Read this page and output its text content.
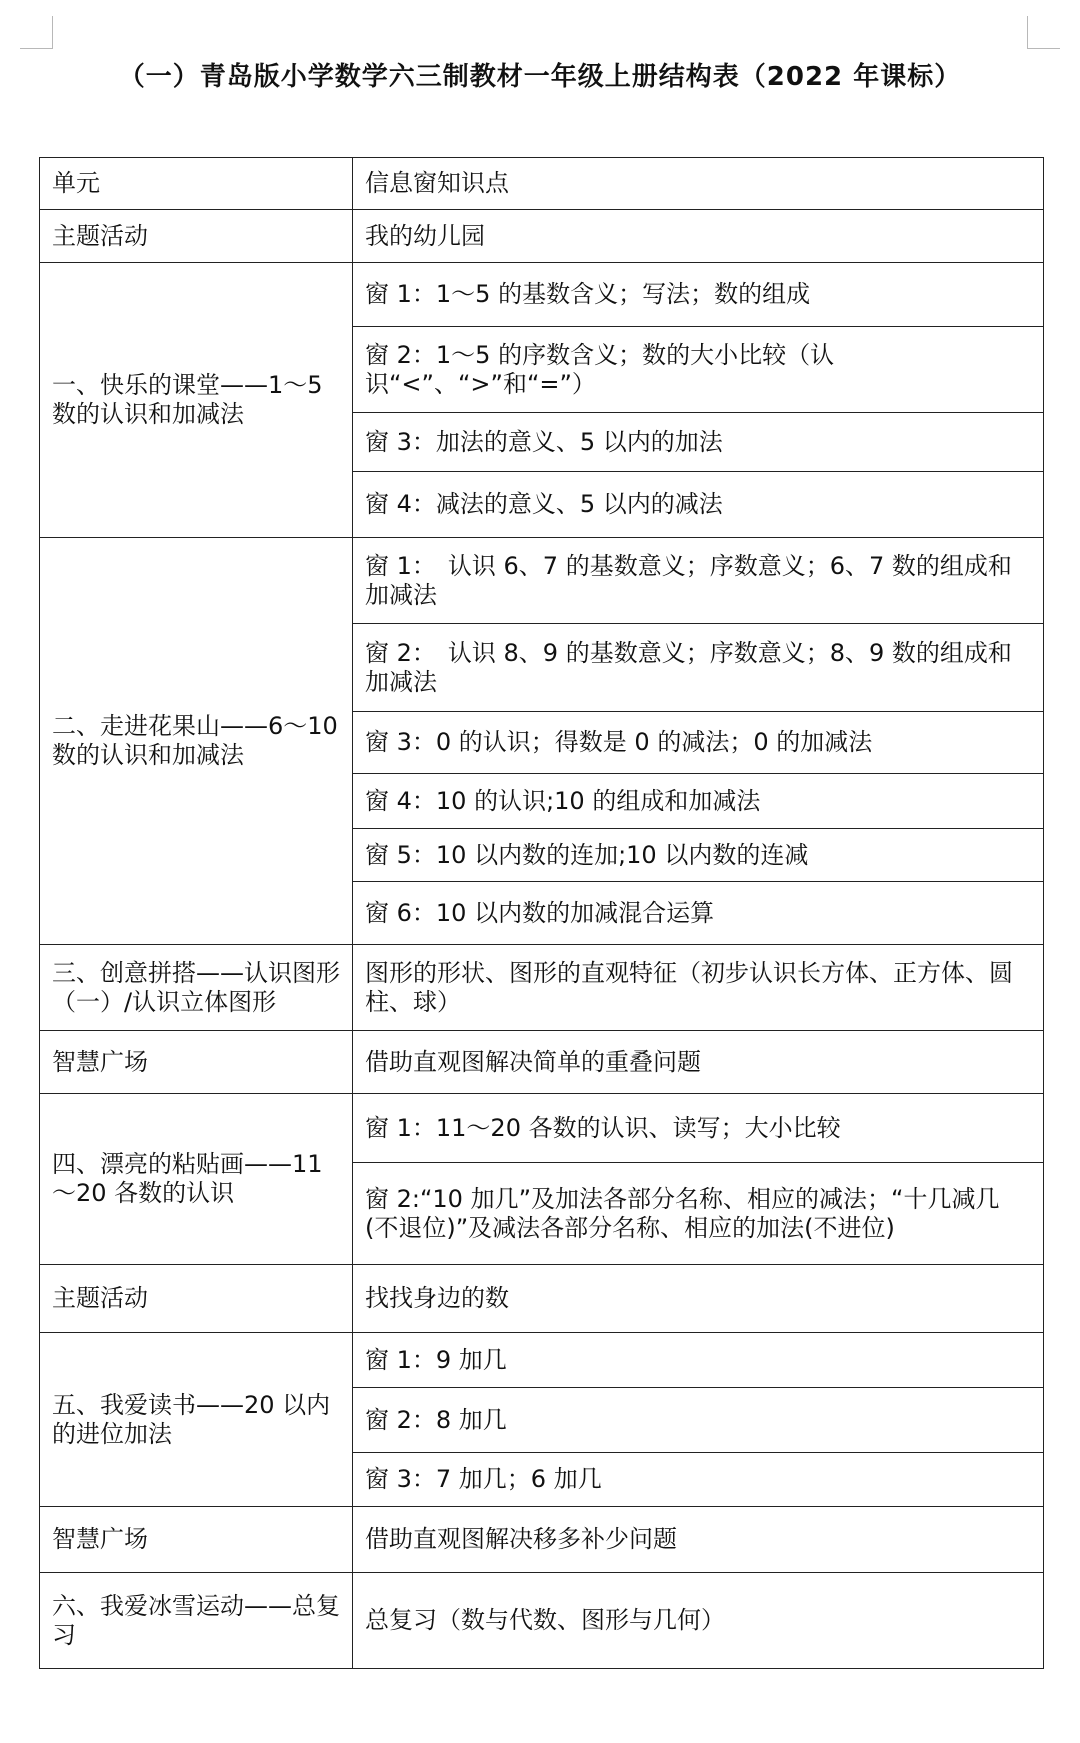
（一）青岛版小学数学六三制教材一年级上册结构表（2022 年课标）
单元	信息窗知识点
主题活动	我的幼儿园
一、快乐的课堂——1～5数的认识和加减法	窗 1：1～5 的基数含义；写法；数的组成
	窗 2：1～5 的序数含义；数的大小比较（认识“<”、“>”和“=”）
	窗 3：加法的意义、5 以内的加法
	窗 4：减法的意义、5 以内的减法
二、走进花果山——6～10 数的认识和加减法	窗 1：　认识 6、7 的基数意义；序数意义；6、7 数的组成和加减法
	窗 2：　认识 8、9 的基数意义；序数意义；8、9 数的组成和加减法
	窗 3：0 的认识；得数是 0 的减法；0 的加减法
	窗 4：10 的认识;10 的组成和加减法
	窗 5：10 以内数的连加;10 以内数的连减
	窗 6：10 以内数的加减混合运算
三、创意拼搭——认识图形（一）/认识立体图形	图形的形状、图形的直观特征（初步认识长方体、正方体、圆柱、球）
智慧广场	借助直观图解决简单的重叠问题
四、漂亮的粘贴画——11～20 各数的认识	窗 1：11～20 各数的认识、读写；大小比较
	窗 2:“10 加几”及加法各部分名称、相应的减法；“十几减几(不退位)”及减法各部分名称、相应的加法(不进位)
主题活动	找找身边的数
五、我爱读书——20 以内的进位加法	窗 1：9 加几
	窗 2：8 加几
	窗 3：7 加几；6 加几
智慧广场	借助直观图解决移多补少问题
六、我爱冰雪运动——总复习	总复习（数与代数、图形与几何）
